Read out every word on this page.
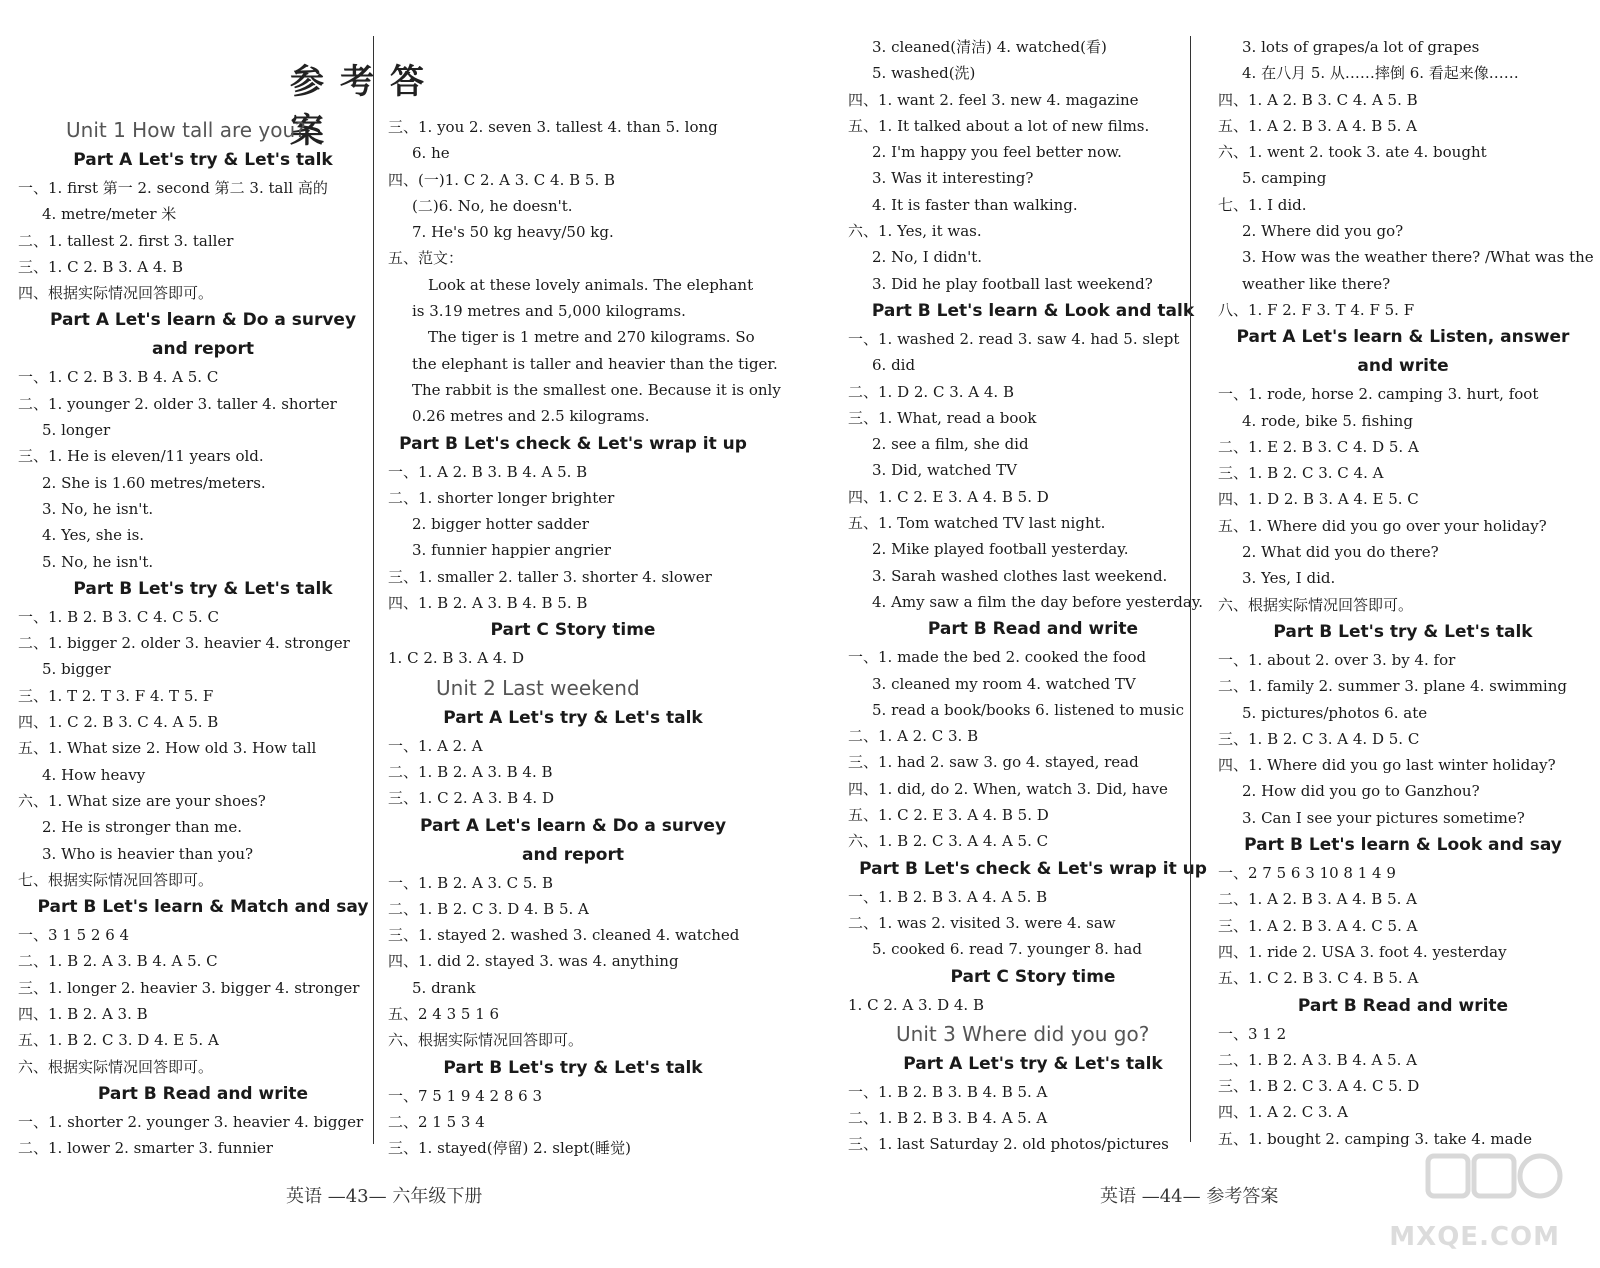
参考答案
Unit 1 How tall are you?
Part A Let's try & Let's talk
一、1. first 第一 2. second 第二 3. tall 高的
4. metre/meter 米
二、1. tallest 2. first 3. taller
三、1. C 2. B 3. A 4. B
四、根据实际情况回答即可。
Part A Let's learn & Do a survey
and report
一、1. C 2. B 3. B 4. A 5. C
二、1. younger 2. older 3. taller 4. shorter
5. longer
三、1. He is eleven/11 years old.
2. She is 1.60 metres/meters.
3. No, he isn't.
4. Yes, she is.
5. No, he isn't.
Part B Let's try & Let's talk
一、1. B 2. B 3. C 4. C 5. C
二、1. bigger 2. older 3. heavier 4. stronger
5. bigger
三、1. T 2. T 3. F 4. T 5. F
四、1. C 2. B 3. C 4. A 5. B
五、1. What size 2. How old 3. How tall
4. How heavy
六、1. What size are your shoes?
2. He is stronger than me.
3. Who is heavier than you?
七、根据实际情况回答即可。
Part B Let's learn & Match and say
一、3 1 5 2 6 4
二、1. B 2. A 3. B 4. A 5. C
三、1. longer 2. heavier 3. bigger 4. stronger
四、1. B 2. A 3. B
五、1. B 2. C 3. D 4. E 5. A
六、根据实际情况回答即可。
Part B Read and write
一、1. shorter 2. younger 3. heavier 4. bigger
二、1. lower 2. smarter 3. funnier
三、1. you 2. seven 3. tallest 4. than 5. long
6. he
四、(一)1. C 2. A 3. C 4. B 5. B
(二)6. No, he doesn't.
7. He's 50 kg heavy/50 kg.
五、范文：
Look at these lovely animals. The elephant
is 3.19 metres and 5,000 kilograms.
The tiger is 1 metre and 270 kilograms. So
the elephant is taller and heavier than the tiger.
The rabbit is the smallest one. Because it is only
0.26 metres and 2.5 kilograms.
Part B Let's check & Let's wrap it up
一、1. A 2. B 3. B 4. A 5. B
二、1. shorter longer brighter
2. bigger hotter sadder
3. funnier happier angrier
三、1. smaller 2. taller 3. shorter 4. slower
四、1. B 2. A 3. B 4. B 5. B
Part C Story time
1. C 2. B 3. A 4. D
Unit 2 Last weekend
Part A Let's try & Let's talk
一、1. A 2. A
二、1. B 2. A 3. B 4. B
三、1. C 2. A 3. B 4. D
Part A Let's learn & Do a survey
and report
一、1. B 2. A 3. C 5. B
二、1. B 2. C 3. D 4. B 5. A
三、1. stayed 2. washed 3. cleaned 4. watched
四、1. did 2. stayed 3. was 4. anything
5. drank
五、2 4 3 5 1 6
六、根据实际情况回答即可。
Part B Let's try & Let's talk
一、7 5 1 9 4 2 8 6 3
二、2 1 5 3 4
三、1. stayed(停留) 2. slept(睡觉)
3. cleaned(清洁) 4. watched(看)
5. washed(洗)
四、1. want 2. feel 3. new 4. magazine
五、1. It talked about a lot of new films.
2. I'm happy you feel better now.
3. Was it interesting?
4. It is faster than walking.
六、1. Yes, it was.
2. No, I didn't.
3. Did he play football last weekend?
Part B Let's learn & Look and talk
一、1. washed 2. read 3. saw 4. had 5. slept
6. did
二、1. D 2. C 3. A 4. B
三、1. What, read a book
2. see a film, she did
3. Did, watched TV
四、1. C 2. E 3. A 4. B 5. D
五、1. Tom watched TV last night.
2. Mike played football yesterday.
3. Sarah washed clothes last weekend.
4. Amy saw a film the day before yesterday.
Part B Read and write
一、1. made the bed 2. cooked the food
3. cleaned my room 4. watched TV
5. read a book/books 6. listened to music
二、1. A 2. C 3. B
三、1. had 2. saw 3. go 4. stayed, read
四、1. did, do 2. When, watch 3. Did, have
五、1. C 2. E 3. A 4. B 5. D
六、1. B 2. C 3. A 4. A 5. C
Part B Let's check & Let's wrap it up
一、1. B 2. B 3. A 4. A 5. B
二、1. was 2. visited 3. were 4. saw
5. cooked 6. read 7. younger 8. had
Part C Story time
1. C 2. A 3. D 4. B
Unit 3 Where did you go?
Part A Let's try & Let's talk
一、1. B 2. B 3. B 4. B 5. A
二、1. B 2. B 3. B 4. A 5. A
三、1. last Saturday 2. old photos/pictures
3. lots of grapes/a lot of grapes
4. 在八月 5. 从……摔倒 6. 看起来像……
四、1. A 2. B 3. C 4. A 5. B
五、1. A 2. B 3. A 4. B 5. A
六、1. went 2. took 3. ate 4. bought
5. camping
七、1. I did.
2. Where did you go?
3. How was the weather there? /What was the
weather like there?
八、1. F 2. F 3. T 4. F 5. F
Part A Let's learn & Listen, answer
and write
一、1. rode, horse 2. camping 3. hurt, foot
4. rode, bike 5. fishing
二、1. E 2. B 3. C 4. D 5. A
三、1. B 2. C 3. C 4. A
四、1. D 2. B 3. A 4. E 5. C
五、1. Where did you go over your holiday?
2. What did you do there?
3. Yes, I did.
六、根据实际情况回答即可。
Part B Let's try & Let's talk
一、1. about 2. over 3. by 4. for
二、1. family 2. summer 3. plane 4. swimming
5. pictures/photos 6. ate
三、1. B 2. C 3. A 4. D 5. C
四、1. Where did you go last winter holiday?
2. How did you go to Ganzhou?
3. Can I see your pictures sometime?
Part B Let's learn & Look and say
一、2 7 5 6 3 10 8 1 4 9
二、1. A 2. B 3. A 4. B 5. A
三、1. A 2. B 3. A 4. C 5. A
四、1. ride 2. USA 3. foot 4. yesterday
五、1. C 2. B 3. C 4. B 5. A
Part B Read and write
一、3 1 2
二、1. B 2. A 3. B 4. A 5. A
三、1. B 2. C 3. A 4. C 5. D
四、1. A 2. C 3. A
五、1. bought 2. camping 3. take 4. made
英语 —43— 六年级下册	英语 —44— 参考答案
MXQE.COM
